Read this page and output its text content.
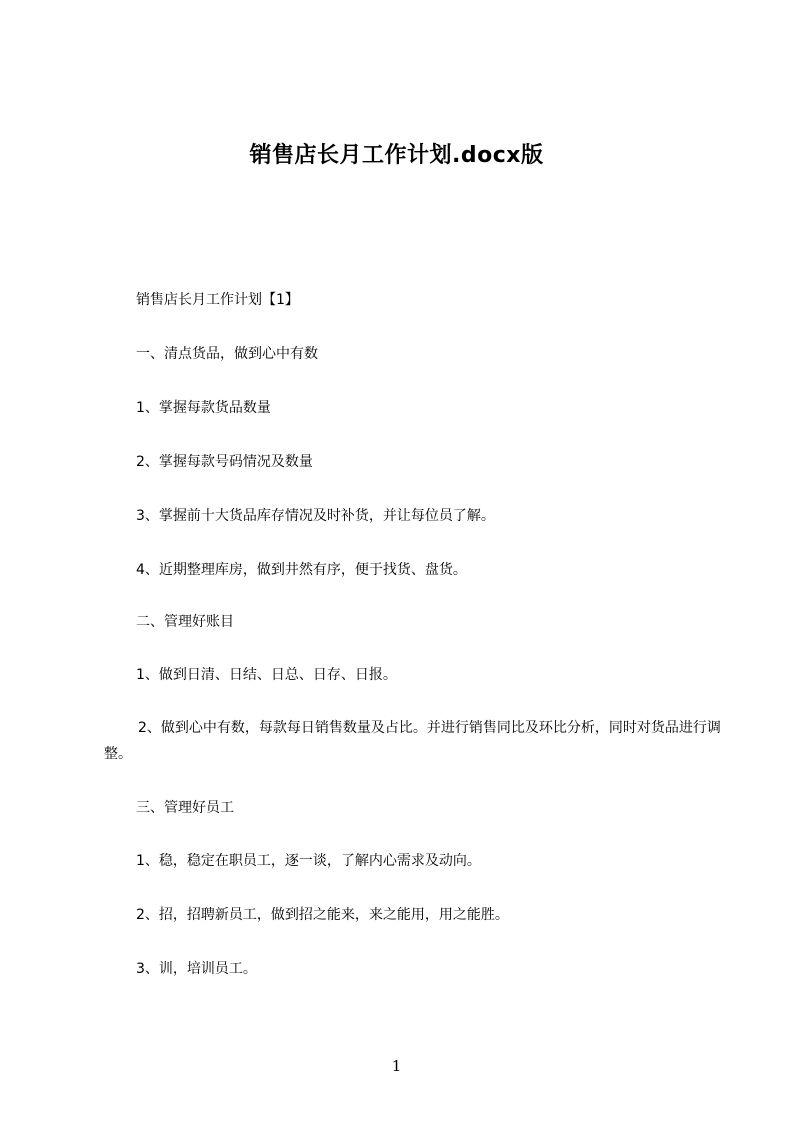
销售店长月工作计划.docx版
销售店长月工作计划【1】
一、清点货品，做到心中有数
1、掌握每款货品数量
2、掌握每款号码情况及数量
3、掌握前十大货品库存情况及时补货，并让每位员了解。
4、近期整理库房，做到井然有序，便于找货、盘货。
二、管理好账目
1、做到日清、日结、日总、日存、日报。
2、做到心中有数，每款每日销售数量及占比。并进行销售同比及环比分析，同时对货品进行调整。
三、管理好员工
1、稳，稳定在职员工，逐一谈，了解内心需求及动向。
2、招，招聘新员工，做到招之能来，来之能用，用之能胜。
3、训，培训员工。
1
